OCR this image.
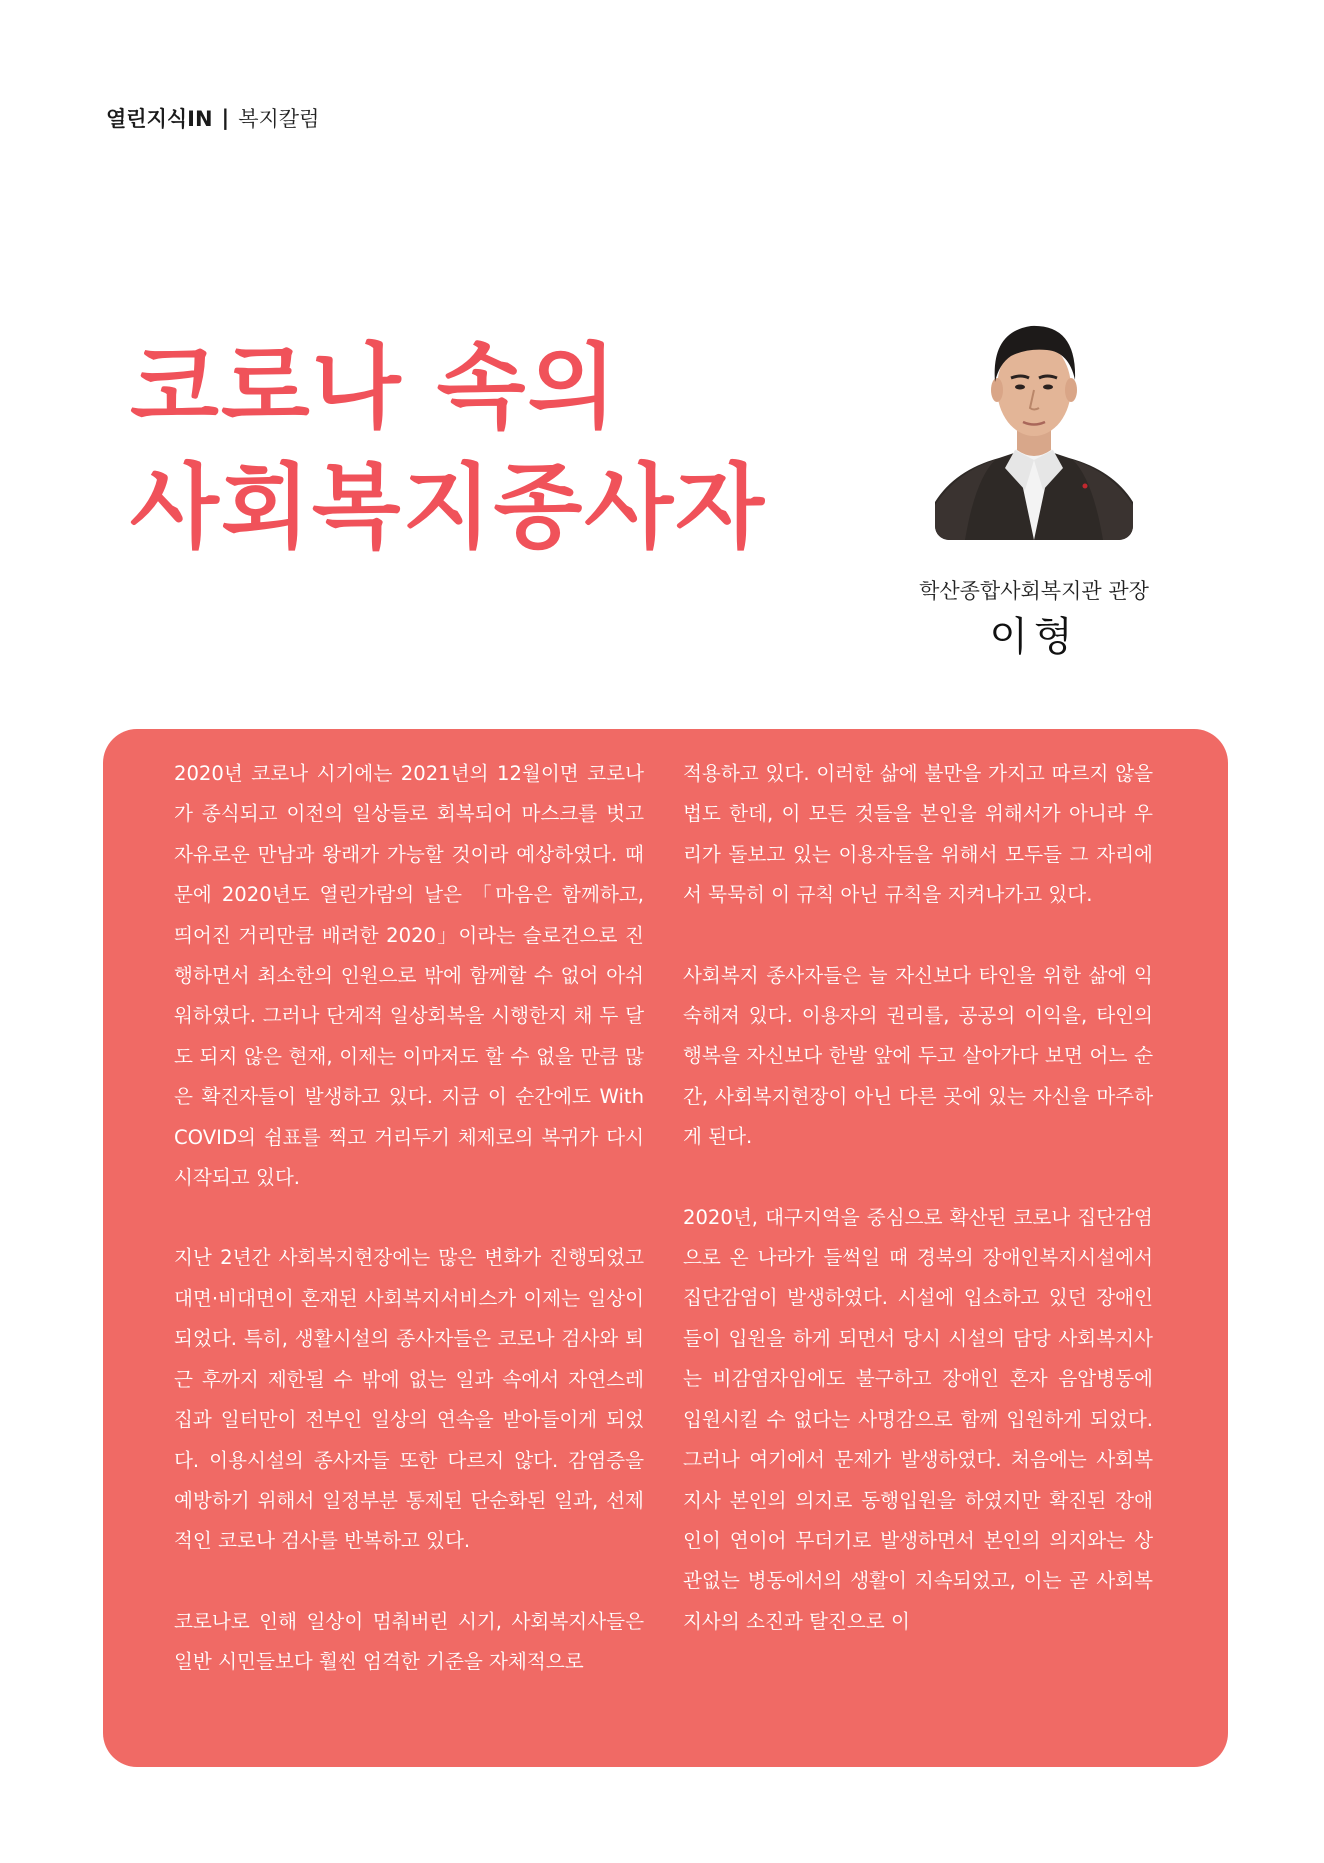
열린지식IN | 복지칼럼
코로나 속의
사회복지종사자
학산종합사회복지관 관장
이형

2020년 코로나 시기에는 2021년의 12월이면 코로나가 종식되고 이전의 일상들로 회복되어 마스크를 벗고 자유로운 만남과 왕래가 가능할 것이라 예상하였다. 때문에 2020년도 열린가람의 날은 「마음은 함께하고, 띄어진 거리만큼 배려한 2020」이라는 슬로건으로 진행하면서 최소한의 인원으로 밖에 함께할 수 없어 아쉬워하였다. 그러나 단계적 일상회복을 시행한지 채 두 달도 되지 않은 현재, 이제는 이마저도 할 수 없을 만큼 많은 확진자들이 발생하고 있다. 지금 이 순간에도 With COVID의 쉼표를 찍고 거리두기 체제로의 복귀가 다시 시작되고 있다.

지난 2년간 사회복지현장에는 많은 변화가 진행되었고 대면·비대면이 혼재된 사회복지서비스가 이제는 일상이 되었다. 특히, 생활시설의 종사자들은 코로나 검사와 퇴근 후까지 제한될 수 밖에 없는 일과 속에서 자연스레 집과 일터만이 전부인 일상의 연속을 받아들이게 되었다. 이용시설의 종사자들 또한 다르지 않다. 감염증을 예방하기 위해서 일정부분 통제된 단순화된 일과, 선제적인 코로나 검사를 반복하고 있다.

코로나로 인해 일상이 멈춰버린 시기, 사회복지사들은 일반 시민들보다 훨씬 엄격한 기준을 자체적으로

적용하고 있다. 이러한 삶에 불만을 가지고 따르지 않을 법도 한데, 이 모든 것들을 본인을 위해서가 아니라 우리가 돌보고 있는 이용자들을 위해서 모두들 그 자리에서 묵묵히 이 규칙 아닌 규칙을 지켜나가고 있다.

사회복지 종사자들은 늘 자신보다 타인을 위한 삶에 익숙해져 있다. 이용자의 권리를, 공공의 이익을, 타인의 행복을 자신보다 한발 앞에 두고 살아가다 보면 어느 순간, 사회복지현장이 아닌 다른 곳에 있는 자신을 마주하게 된다.

2020년, 대구지역을 중심으로 확산된 코로나 집단감염으로 온 나라가 들썩일 때 경북의 장애인복지시설에서 집단감염이 발생하였다. 시설에 입소하고 있던 장애인들이 입원을 하게 되면서 당시 시설의 담당 사회복지사는 비감염자임에도 불구하고 장애인 혼자 음압병동에 입원시킬 수 없다는 사명감으로 함께 입원하게 되었다. 그러나 여기에서 문제가 발생하였다. 처음에는 사회복지사 본인의 의지로 동행입원을 하였지만 확진된 장애인이 연이어 무더기로 발생하면서 본인의 의지와는 상관없는 병동에서의 생활이 지속되었고, 이는 곧 사회복지사의 소진과 탈진으로 이
